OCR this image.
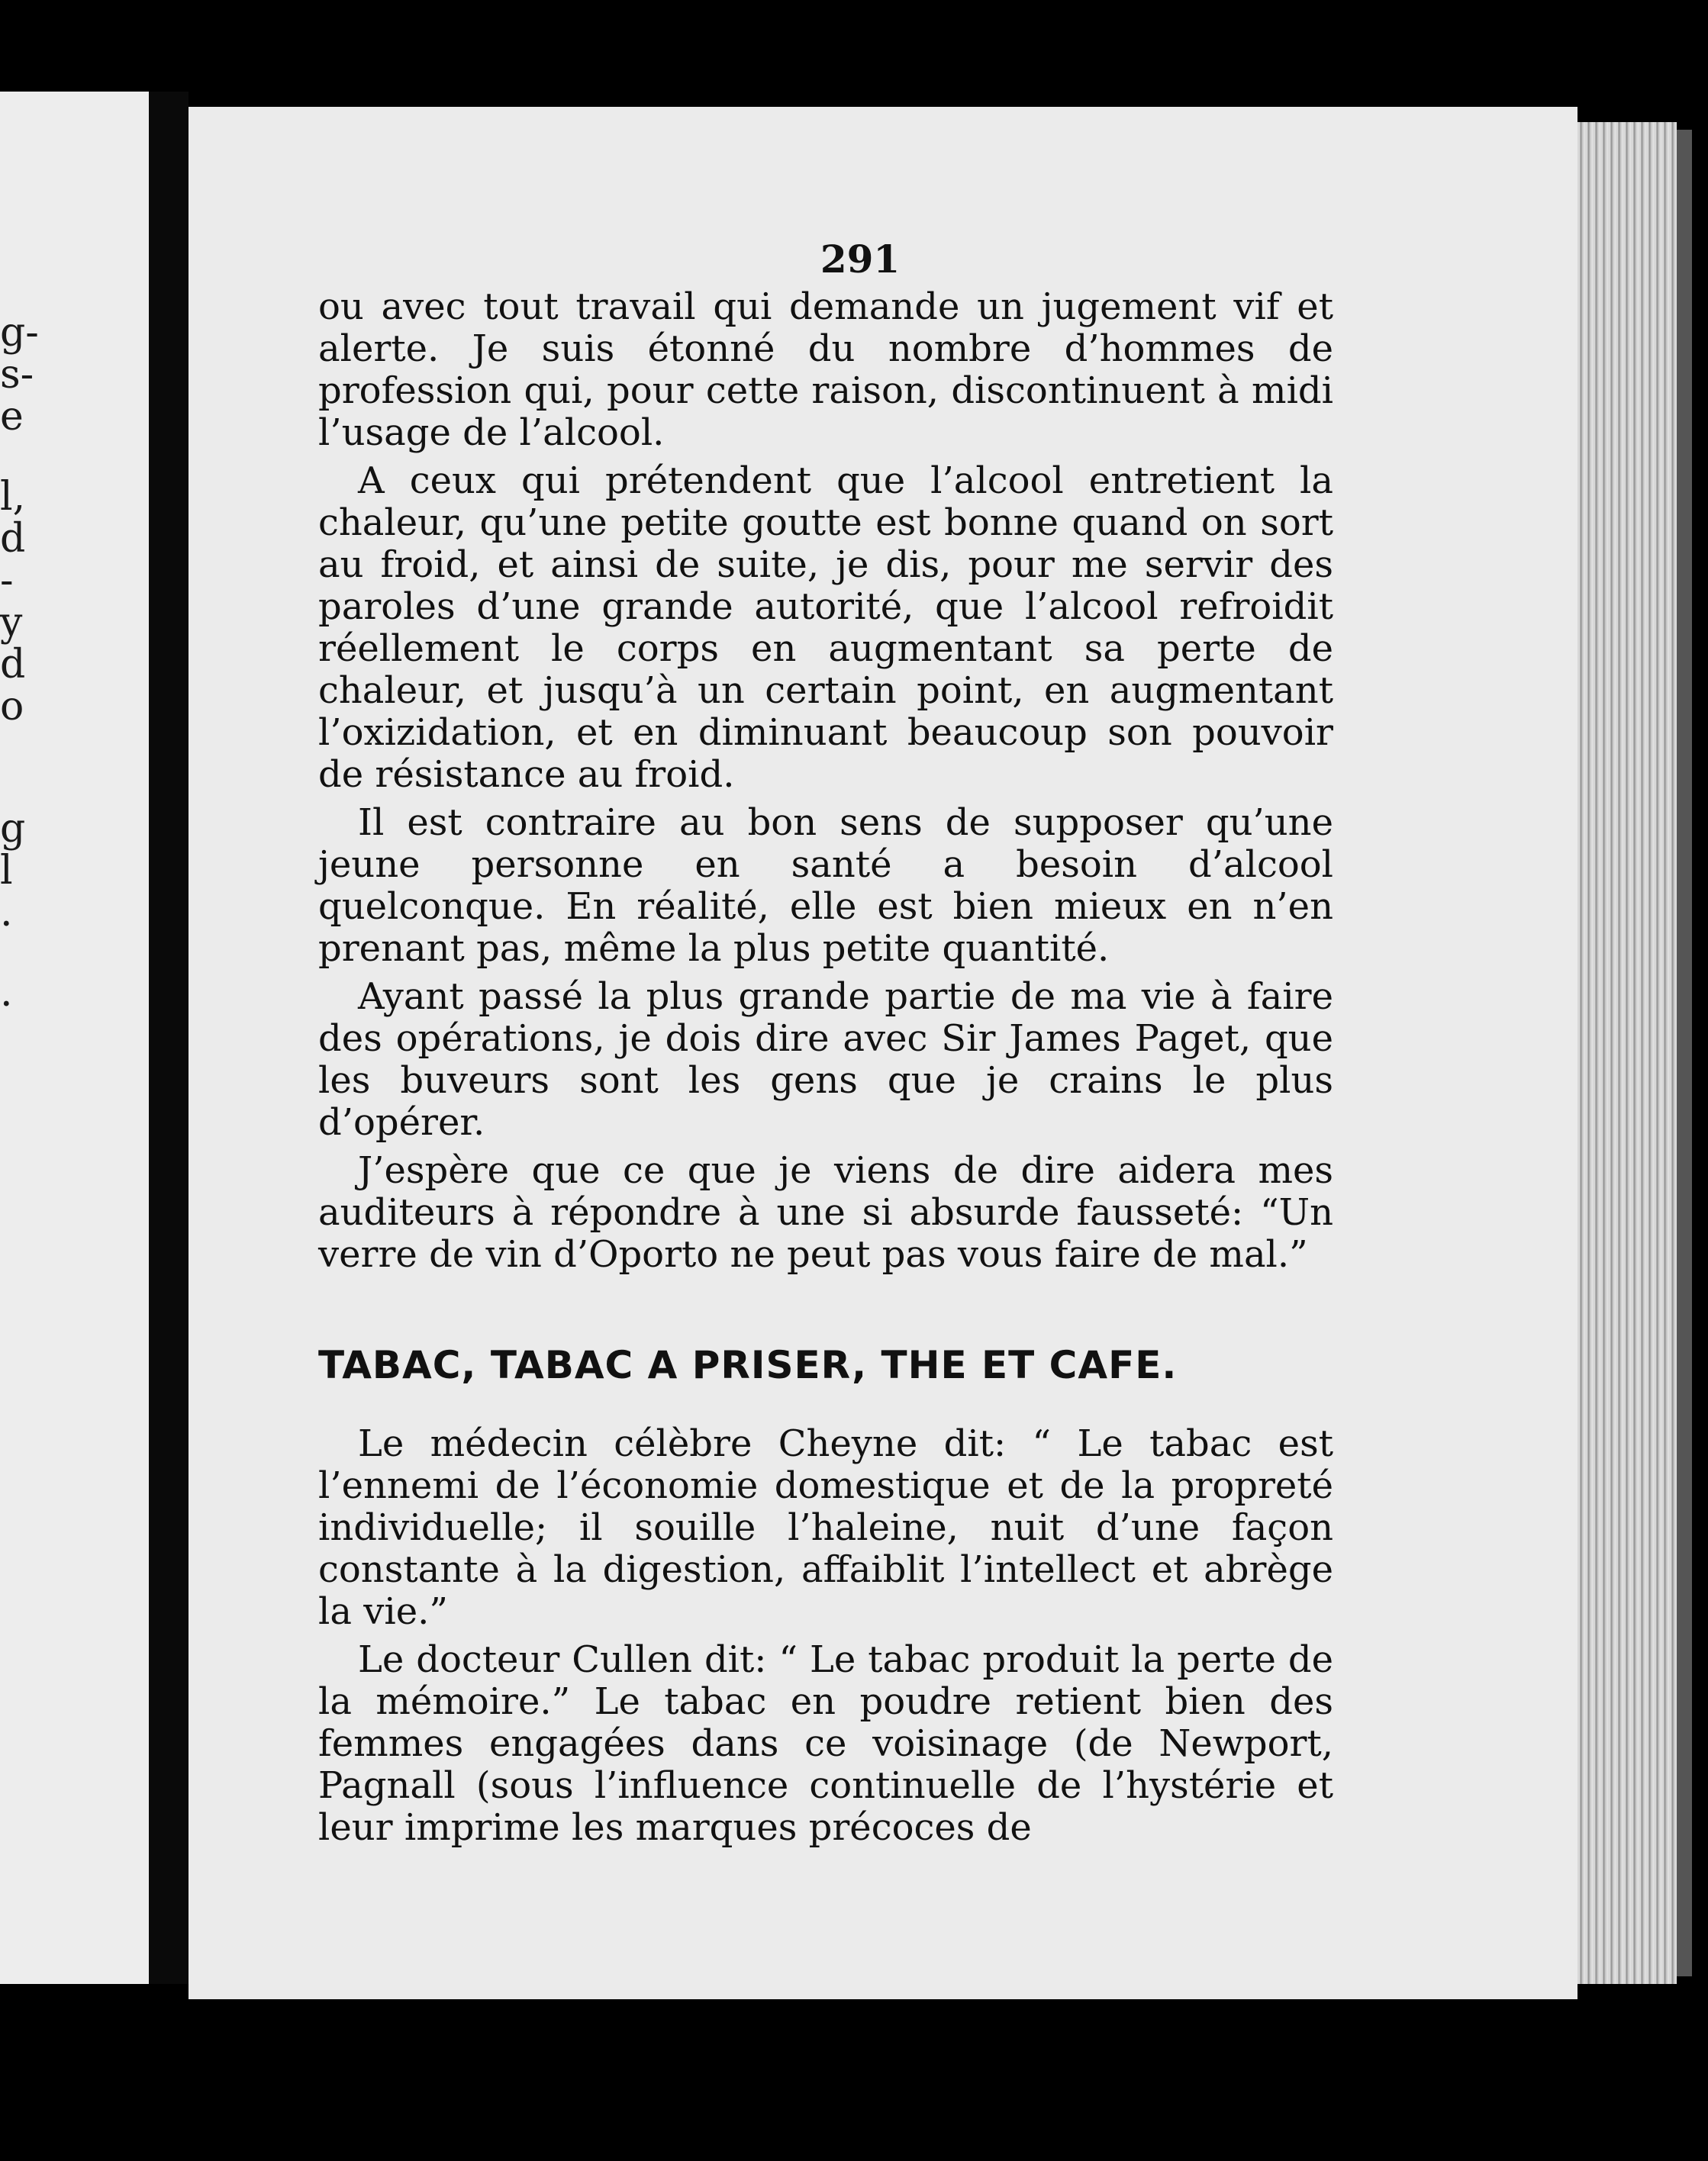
g-
s-
e
l,
d
-
y
d
o
g
l
.
.
291

ou avec tout travail qui demande un jugement vif et alerte. Je suis étonné du nombre d’hommes de profession qui, pour cette raison, discontinuent à midi l’usage de l’alcool.

A ceux qui prétendent que l’alcool entretient la chaleur, qu’une petite goutte est bonne quand on sort au froid, et ainsi de suite, je dis, pour me servir des paroles d’une grande autorité, que l’alcool refroidit réellement le corps en augmentant sa perte de chaleur, et jusqu’à un certain point, en augmentant l’oxizidation, et en diminuant beaucoup son pouvoir de résistance au froid.

Il est contraire au bon sens de supposer qu’une jeune personne en santé a besoin d’alcool quelconque. En réalité, elle est bien mieux en n’en prenant pas, même la plus petite quantité.

Ayant passé la plus grande partie de ma vie à faire des opérations, je dois dire avec Sir James Paget, que les buveurs sont les gens que je crains le plus d’opérer.

J’espère que ce que je viens de dire aidera mes auditeurs à répondre à une si absurde fausseté: “Un verre de vin d’Oporto ne peut pas vous faire de mal.”

TABAC, TABAC A PRISER, THE ET CAFE.

Le médecin célèbre Cheyne dit: “ Le tabac est l’ennemi de l’économie domestique et de la propreté individuelle; il souille l’haleine, nuit d’une façon constante à la digestion, affaiblit l’intellect et abrège la vie.”

Le docteur Cullen dit: “ Le tabac produit la perte de la mémoire.” Le tabac en poudre retient bien des femmes engagées dans ce voisinage (de Newport, Pagnall (sous l’influence continuelle de l’hystérie et leur imprime les marques précoces de
